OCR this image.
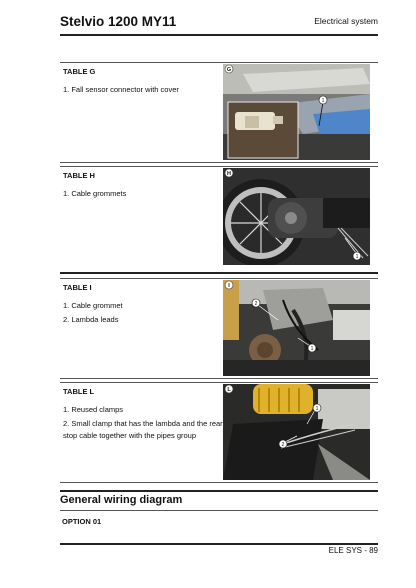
Stelvio 1200 MY11	Electrical system
TABLE G
1. Fall sensor connector with cover
G
1
TABLE H
1. Cable grommets
H
1
TABLE I
1. Cable grommet
2. Lambda leads
I
2
1
TABLE L
1. Reused clamps
2. Small clamp that has the lambda and the rear stop cable together with the pipes group
L
1
2
General wiring diagram
OPTION 01
ELE SYS - 89
